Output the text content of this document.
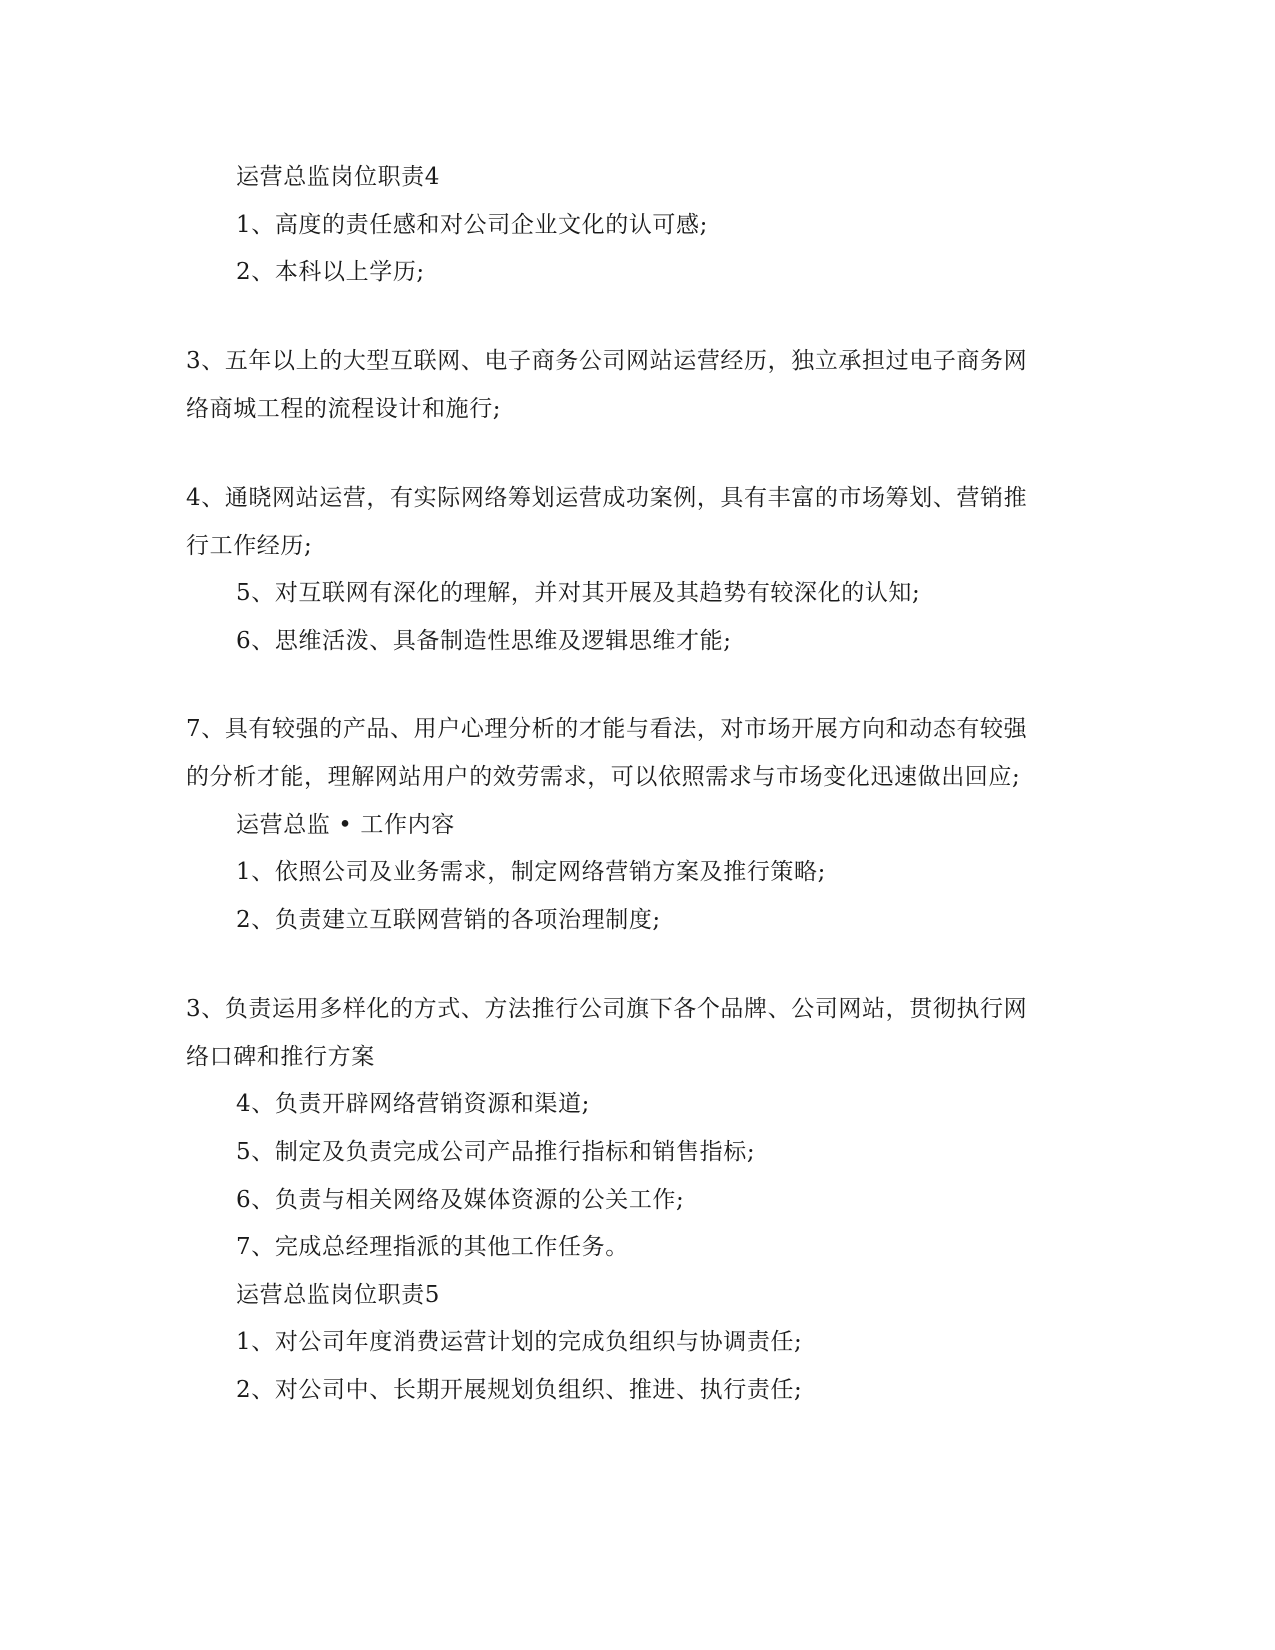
运营总监岗位职责4
1、高度的责任感和对公司企业文化的认可感;
2、本科以上学历;
3、五年以上的大型互联网、电子商务公司网站运营经历，独立承担过电子商务网
络商城工程的流程设计和施行;
4、通晓网站运营，有实际网络筹划运营成功案例，具有丰富的市场筹划、营销推
行工作经历;
5、对互联网有深化的理解，并对其开展及其趋势有较深化的认知;
6、思维活泼、具备制造性思维及逻辑思维才能;
7、具有较强的产品、用户心理分析的才能与看法，对市场开展方向和动态有较强
的分析才能，理解网站用户的效劳需求，可以依照需求与市场变化迅速做出回应;
运营总监 • 工作内容
1、依照公司及业务需求，制定网络营销方案及推行策略;
2、负责建立互联网营销的各项治理制度;
3、负责运用多样化的方式、方法推行公司旗下各个品牌、公司网站，贯彻执行网
络口碑和推行方案
4、负责开辟网络营销资源和渠道;
5、制定及负责完成公司产品推行指标和销售指标;
6、负责与相关网络及媒体资源的公关工作;
7、完成总经理指派的其他工作任务。
运营总监岗位职责5
1、对公司年度消费运营计划的完成负组织与协调责任;
2、对公司中、长期开展规划负组织、推进、执行责任;
